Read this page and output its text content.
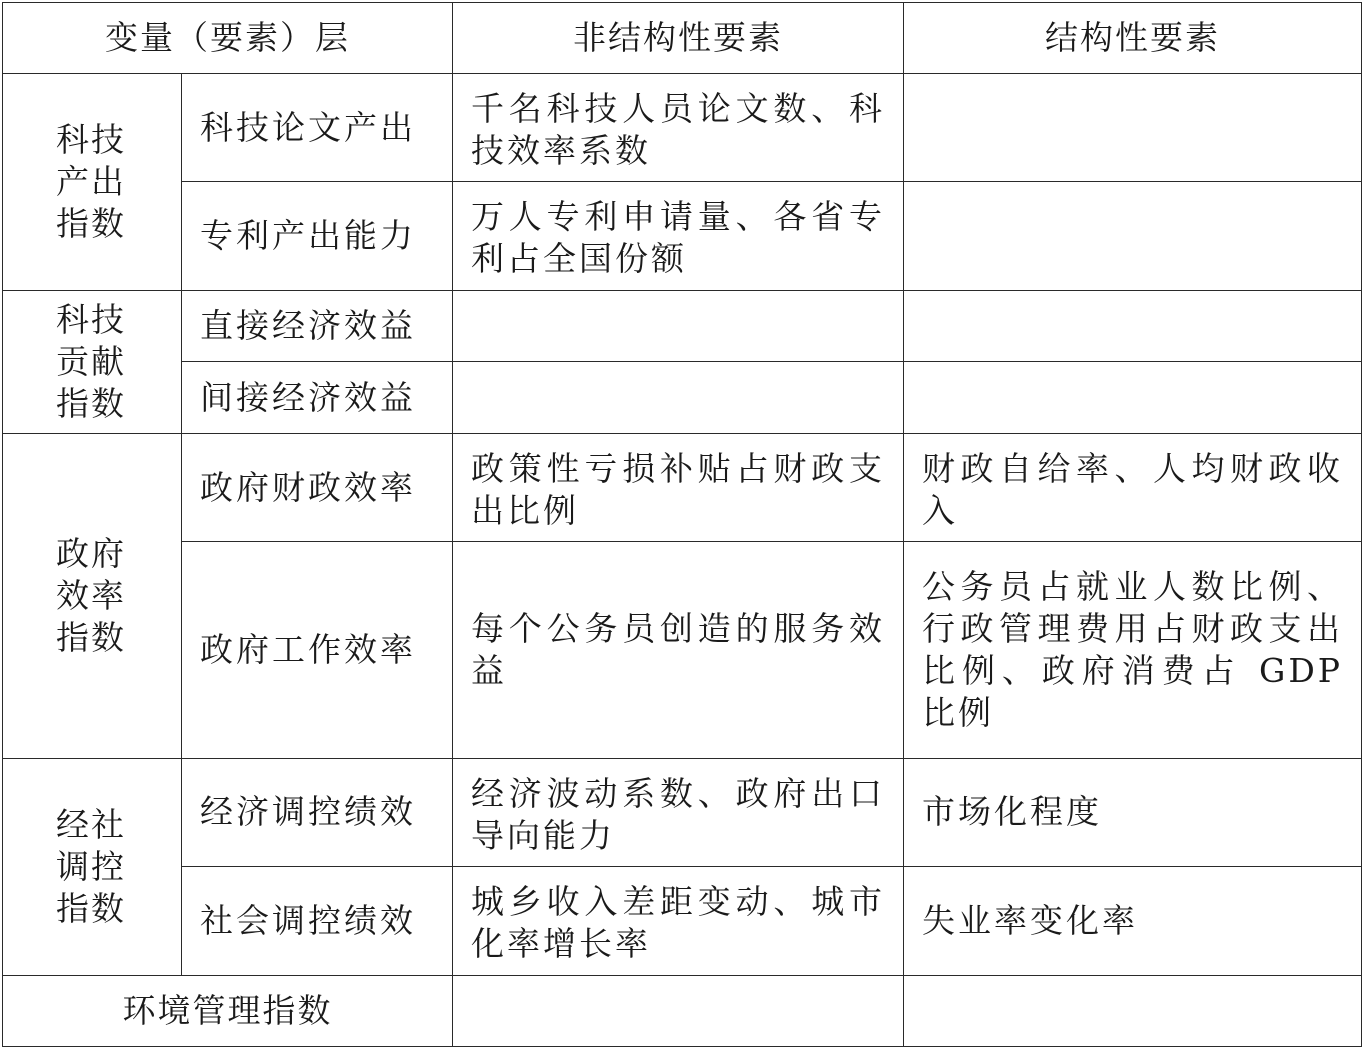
变量（要素）层		非结构性要素	结构性要素
科技产出指数	科技论文产出	千名科技人员论文数、科技效率系数	
	专利产出能力	万人专利申请量、各省专利占全国份额	
科技贡献指数	直接经济效益		
	间接经济效益		
政府效率指数	政府财政效率	政策性亏损补贴占财政支出比例	财政自给率、人均财政收入
	政府工作效率	每个公务员创造的服务效益	公务员占就业人数比例、行政管理费用占财政支出比例、政府消费占 GDP 比例
经社调控指数	经济调控绩效	经济波动系数、政府出口导向能力	市场化程度
	社会调控绩效	城乡收入差距变动、城市化率增长率	失业率变化率
环境管理指数			
